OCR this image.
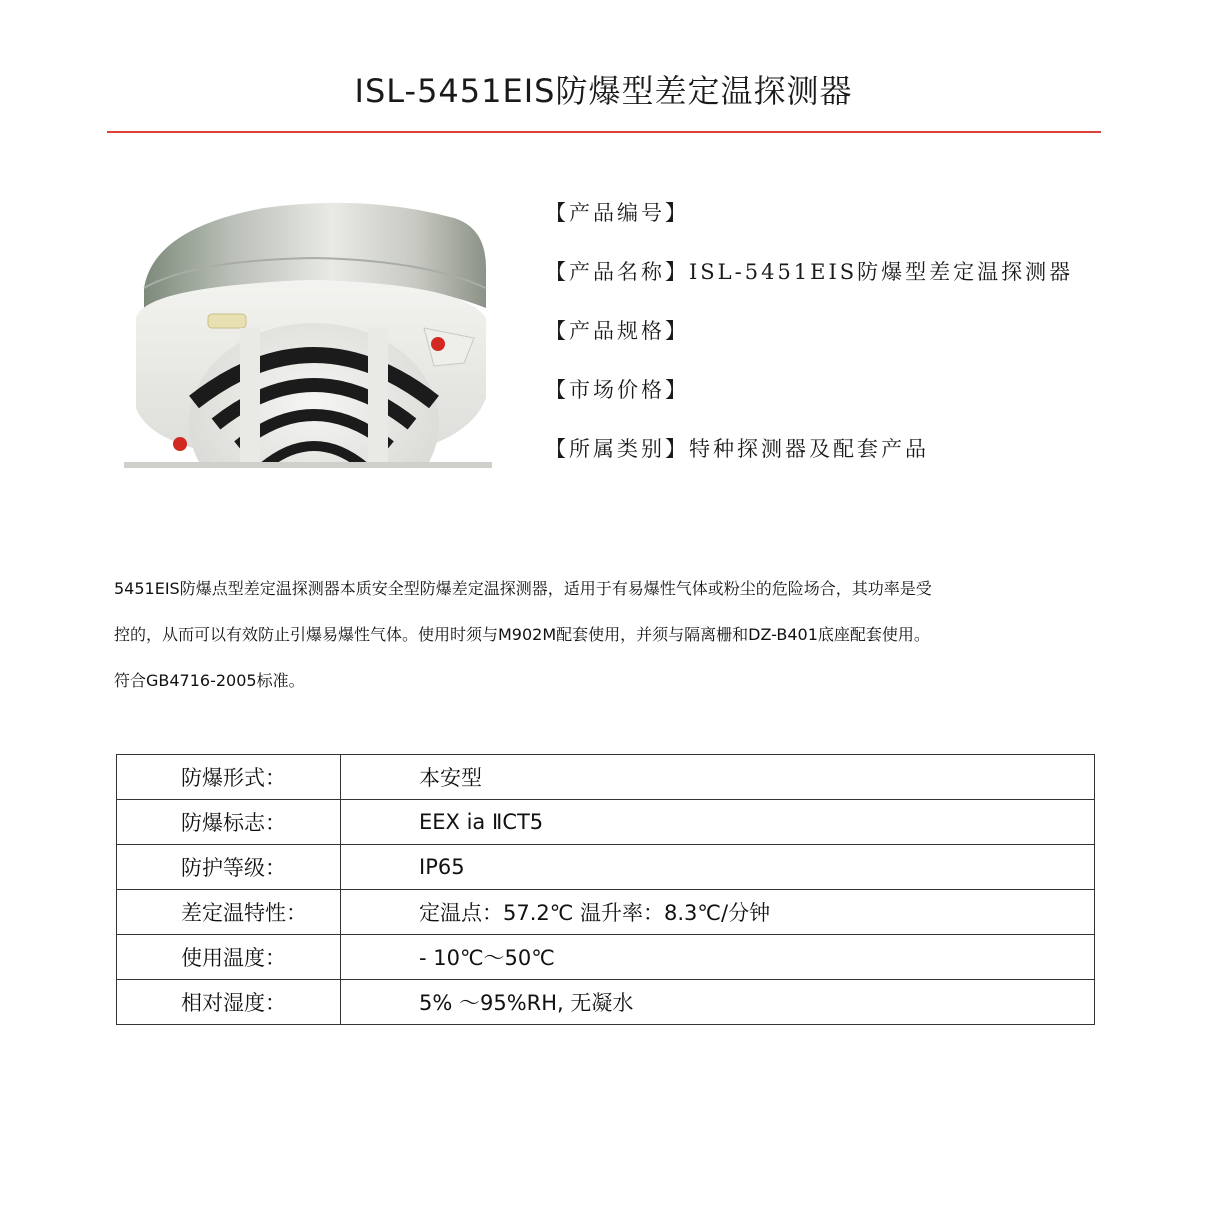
ISL-5451EIS防爆型差定温探测器
【产品编号】
【产品名称】ISL-5451EIS防爆型差定温探测器
【产品规格】
【市场价格】
【所属类别】特种探测器及配套产品

5451EIS防爆点型差定温探测器本质安全型防爆差定温探测器，适用于有易爆性气体或粉尘的危险场合，其功率是受

控的，从而可以有效防止引爆易爆性气体。使用时须与M902M配套使用，并须与隔离栅和DZ-B401底座配套使用。

符合GB4716-2005标准。

防爆形式：	本安型
防爆标志：	EEX ia ⅡCT5
防护等级：	IP65
差定温特性：	定温点：57.2℃ 温升率：8.3℃/分钟
使用温度：	- 10℃～50℃
相对湿度：	5% ～95%RH, 无凝水
